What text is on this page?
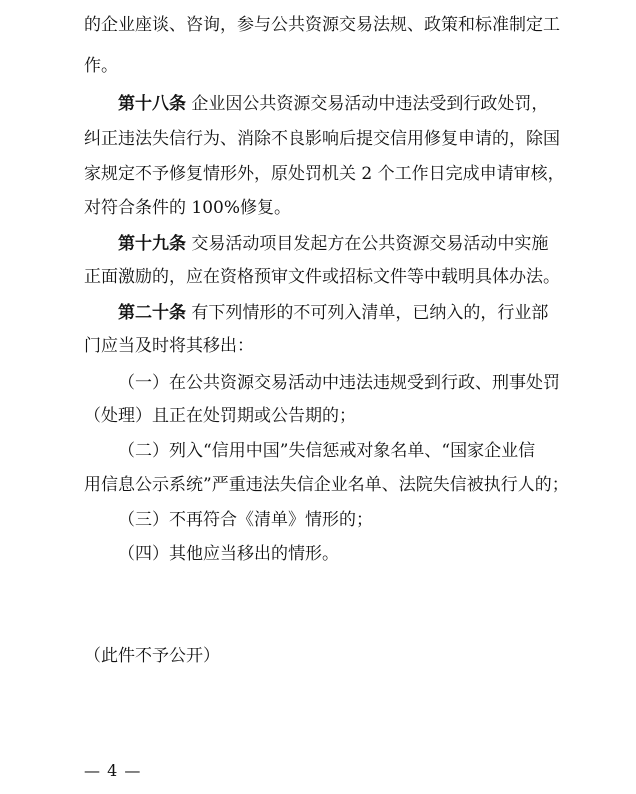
的企业座谈、咨询，参与公共资源交易法规、政策和标准制定工
作。
第十八条 企业因公共资源交易活动中违法受到行政处罚，
纠正违法失信行为、消除不良影响后提交信用修复申请的，除国
家规定不予修复情形外，原处罚机关 2 个工作日完成申请审核，
对符合条件的 100%修复。
第十九条 交易活动项目发起方在公共资源交易活动中实施
正面激励的，应在资格预审文件或招标文件等中载明具体办法。
第二十条 有下列情形的不可列入清单，已纳入的，行业部
门应当及时将其移出：
（一）在公共资源交易活动中违法违规受到行政、刑事处罚
（处理）且正在处罚期或公告期的；
（二）列入“信用中国”失信惩戒对象名单、“国家企业信
用信息公示系统”严重违法失信企业名单、法院失信被执行人的；
（三）不再符合《清单》情形的；
（四）其他应当移出的情形。
（此件不予公开）
— 4 —
